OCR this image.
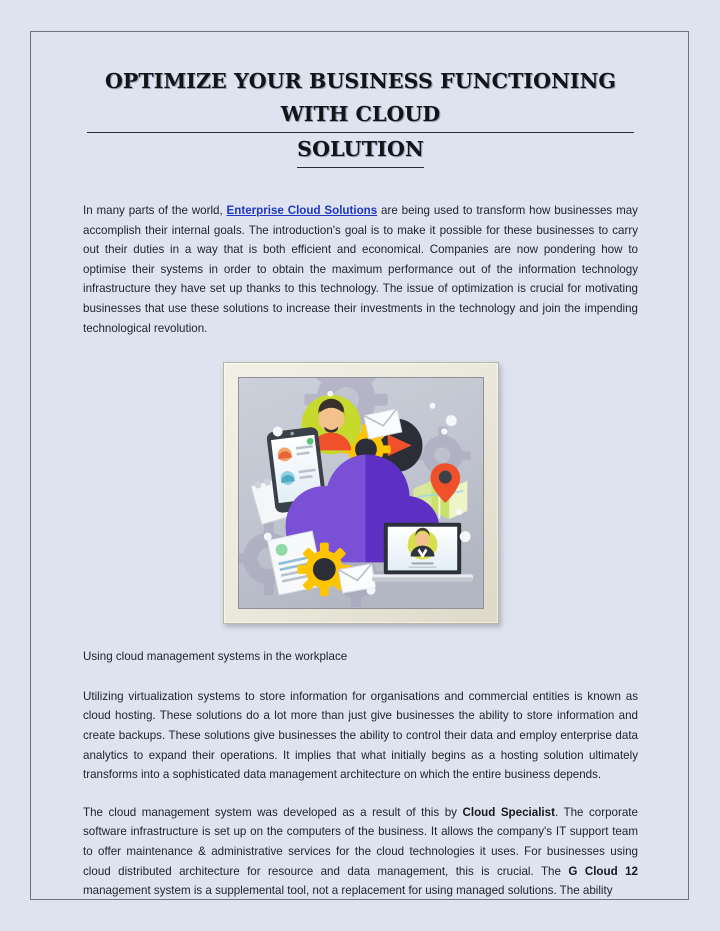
OPTIMIZE YOUR BUSINESS FUNCTIONING WITH CLOUD
SOLUTION

In many parts of the world, Enterprise Cloud Solutions are being used to transform how businesses may accomplish their internal goals. The introduction's goal is to make it possible for these businesses to carry out their duties in a way that is both efficient and economical. Companies are now pondering how to optimise their systems in order to obtain the maximum performance out of the information technology infrastructure they have set up thanks to this technology. The issue of optimization is crucial for motivating businesses that use these solutions to increase their investments in the technology and join the impending technological revolution.

Using cloud management systems in the workplace

Utilizing virtualization systems to store information for organisations and commercial entities is known as cloud hosting. These solutions do a lot more than just give businesses the ability to store information and create backups. These solutions give businesses the ability to control their data and employ enterprise data analytics to expand their operations. It implies that what initially begins as a hosting solution ultimately transforms into a sophisticated data management architecture on which the entire business depends.

The cloud management system was developed as a result of this by Cloud Specialist. The corporate software infrastructure is set up on the computers of the business. It allows the company's IT support team to offer maintenance & administrative services for the cloud technologies it uses. For businesses using cloud distributed architecture for resource and data management, this is crucial. The G Cloud 12 management system is a supplemental tool, not a replacement for using managed solutions. The ability
